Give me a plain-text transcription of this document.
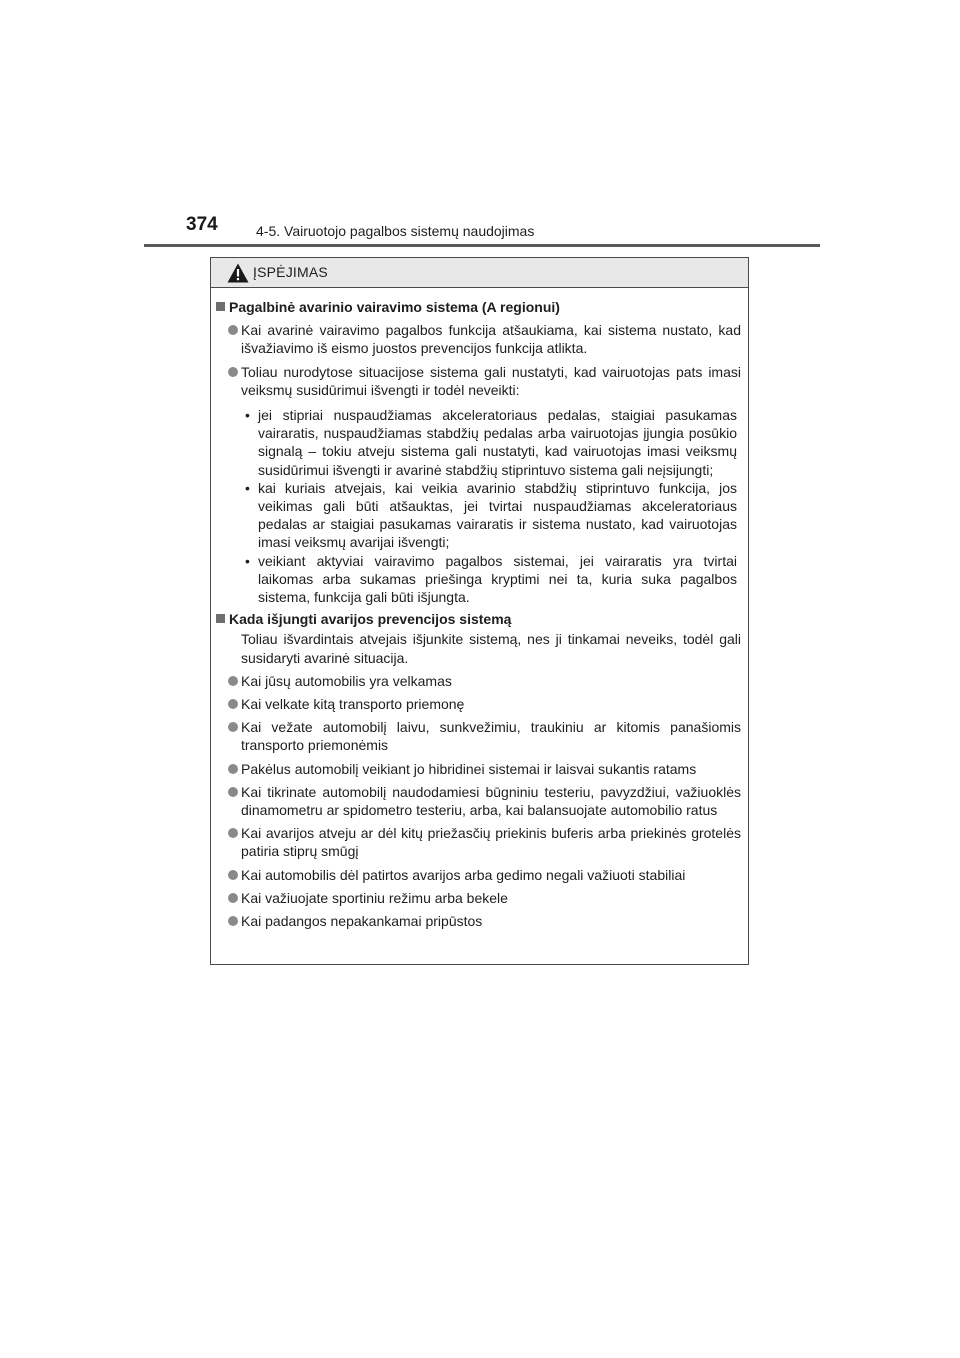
374	4-5. Vairuotojo pagalbos sistemų naudojimas
ĮSPĖJIMAS
Pagalbinė avarinio vairavimo sistema (A regionui)
Kai avarinė vairavimo pagalbos funkcija atšaukiama, kai sistema nustato, kad išvažiavimo iš eismo juostos prevencijos funkcija atlikta.
Toliau nurodytose situacijose sistema gali nustatyti, kad vairuotojas pats imasi veiksmų susidūrimui išvengti ir todėl neveikti:
• jei stipriai nuspaudžiamas akceleratoriaus pedalas, staigiai pasukamas vairaratis, nuspaudžiamas stabdžių pedalas arba vairuotojas įjungia posūkio signalą – tokiu atveju sistema gali nustatyti, kad vairuotojas imasi veiksmų susidūrimui išvengti ir avarinė stabdžių stiprintuvo sistema gali neįsijungti;
• kai kuriais atvejais, kai veikia avarinio stabdžių stiprintuvo funkcija, jos veikimas gali būti atšauktas, jei tvirtai nuspaudžiamas akceleratoriaus pedalas ar staigiai pasukamas vairaratis ir sistema nustato, kad vairuotojas imasi veiksmų avarijai išvengti;
• veikiant aktyviai vairavimo pagalbos sistemai, jei vairaratis yra tvirtai laikomas arba sukamas priešinga kryptimi nei ta, kuria suka pagalbos sistema, funkcija gali būti išjungta.
Kada išjungti avarijos prevencijos sistemą
Toliau išvardintais atvejais išjunkite sistemą, nes ji tinkamai neveiks, todėl gali susidaryti avarinė situacija.
Kai jūsų automobilis yra velkamas
Kai velkate kitą transporto priemonę
Kai vežate automobilį laivu, sunkvežimiu, traukiniu ar kitomis panašiomis transporto priemonėmis
Pakėlus automobilį veikiant jo hibridinei sistemai ir laisvai sukantis ratams
Kai tikrinate automobilį naudodamiesi būgniniu testeriu, pavyzdžiui, važiuoklės dinamometru ar spidometro testeriu, arba, kai balansuojate automobilio ratus
Kai avarijos atveju ar dėl kitų priežasčių priekinis buferis arba priekinės grotelės patiria stiprų smūgį
Kai automobilis dėl patirtos avarijos arba gedimo negali važiuoti stabiliai
Kai važiuojate sportiniu režimu arba bekele
Kai padangos nepakankamai pripūstos
